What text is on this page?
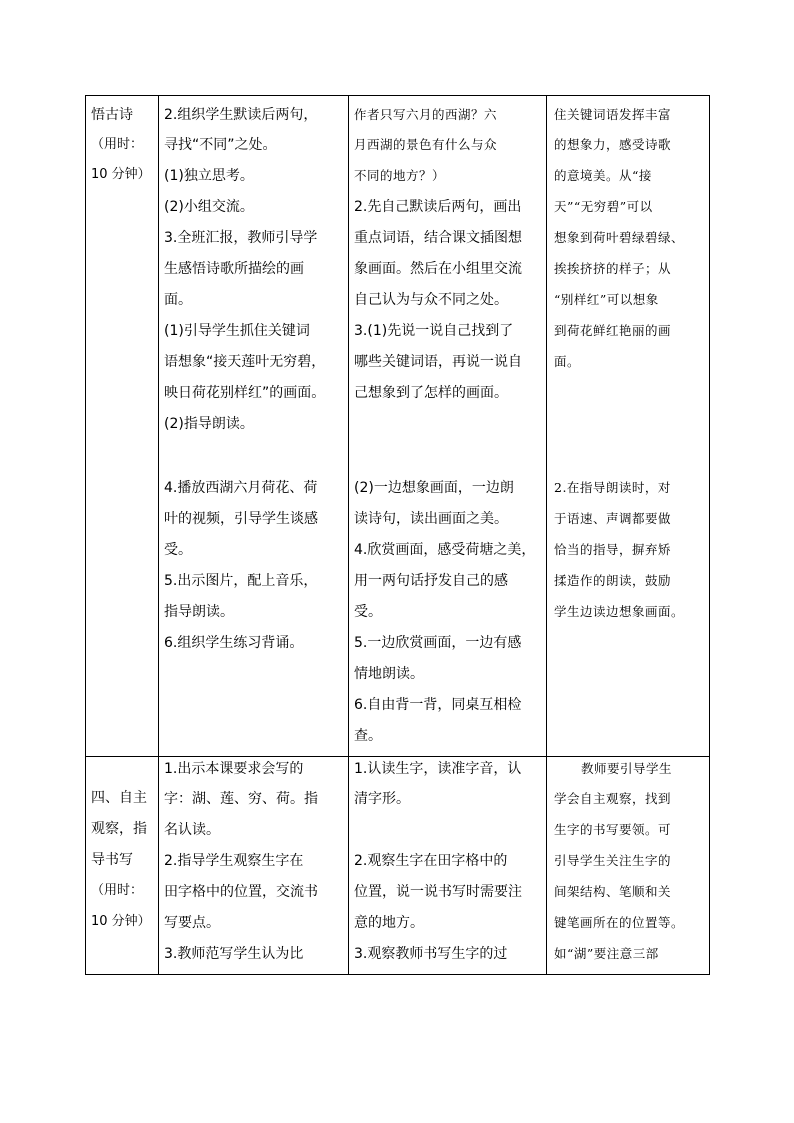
悟古诗
（用时：
10 分钟）
2.组织学生默读后两句，
寻找“不同”之处。
(1)独立思考。
(2)小组交流。
3.全班汇报，教师引导学
生感悟诗歌所描绘的画
面。
(1)引导学生抓住关键词
语想象“接天莲叶无穷碧，
映日荷花别样红”的画面。
(2)指导朗读。
4.播放西湖六月荷花、荷
叶的视频，引导学生谈感
受。
5.出示图片，配上音乐，
指导朗读。
6.组织学生练习背诵。
作者只写六月的西湖？六
月西湖的景色有什么与众
不同的地方？）
2.先自己默读后两句，画出
重点词语，结合课文插图想
象画面。然后在小组里交流
自己认为与众不同之处。
3.(1)先说一说自己找到了
哪些关键词语，再说一说自
己想象到了怎样的画面。
(2)一边想象画面，一边朗
读诗句，读出画面之美。
4.欣赏画面，感受荷塘之美，
用一两句话抒发自己的感
受。
5.一边欣赏画面，一边有感
情地朗读。
6.自由背一背，同桌互相检
查。
住关键词语发挥丰富
的想象力，感受诗歌
的意境美。从“接
天”“无穷碧”可以
想象到荷叶碧绿碧绿、
挨挨挤挤的样子；从
“别样红”可以想象
到荷花鲜红艳丽的画
面。
2.在指导朗读时，对
于语速、声调都要做
恰当的指导，摒弃矫
揉造作的朗读，鼓励
学生边读边想象画面。
四、自主
观察，指
导书写
（用时：
10 分钟）
1.出示本课要求会写的
字：湖、莲、穷、荷。指
名认读。
2.指导学生观察生字在
田字格中的位置，交流书
写要点。
3.教师范写学生认为比
1.认读生字，读准字音，认
清字形。
2.观察生字在田字格中的
位置，说一说书写时需要注
意的地方。
3.观察教师书写生字的过
教师要引导学生
学会自主观察，找到
生字的书写要领。可
引导学生关注生字的
间架结构、笔顺和关
键笔画所在的位置等。
如“湖”要注意三部
